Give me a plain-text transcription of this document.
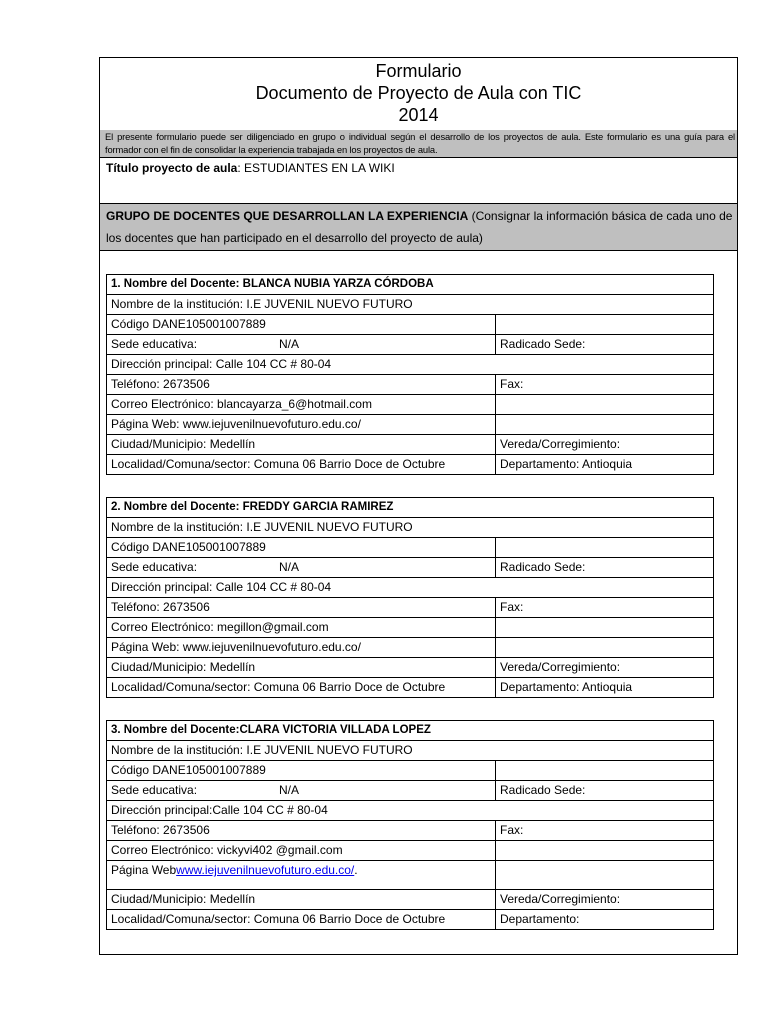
Formulario
Documento de Proyecto de Aula con TIC
2014
El presente formulario puede ser diligenciado en grupo o individual según el desarrollo de los proyectos de aula. Este formulario es una guía para el formador con el fin de consolidar la experiencia trabajada en los proyectos de aula.
Título proyecto de aula: ESTUDIANTES EN LA WIKI
GRUPO DE DOCENTES QUE DESARROLLAN LA EXPERIENCIA (Consignar la información básica de cada uno de los docentes que han participado en el desarrollo del proyecto de aula)
1. Nombre del Docente: BLANCA NUBIA YARZA CÓRDOBA	
Nombre de la institución: I.E JUVENIL NUEVO FUTURO	
Código DANE105001007889	
Sede educativa: N/A	Radicado Sede:
Dirección principal: Calle 104 CC # 80-04	
Teléfono: 2673506	Fax:
Correo Electrónico: blancayarza_6@hotmail.com	
Página Web: www.iejuvenilnuevofuturo.edu.co/	
Ciudad/Municipio: Medellín	Vereda/Corregimiento:
Localidad/Comuna/sector: Comuna 06 Barrio Doce de Octubre	Departamento: Antioquia
2. Nombre del Docente: FREDDY GARCIA RAMIREZ	
Nombre de la institución: I.E JUVENIL NUEVO FUTURO	
Código DANE105001007889	
Sede educativa: N/A	Radicado Sede:
Dirección principal: Calle 104 CC # 80-04	
Teléfono: 2673506	Fax:
Correo Electrónico: megillon@gmail.com	
Página Web: www.iejuvenilnuevofuturo.edu.co/	
Ciudad/Municipio: Medellín	Vereda/Corregimiento:
Localidad/Comuna/sector: Comuna 06 Barrio Doce de Octubre	Departamento: Antioquia
3. Nombre del Docente:CLARA VICTORIA VILLADA LOPEZ	
Nombre de la institución: I.E JUVENIL NUEVO FUTURO	
Código DANE105001007889	
Sede educativa: N/A	Radicado Sede:
Dirección principal:Calle 104 CC # 80-04	
Teléfono: 2673506	Fax:
Correo Electrónico: vickyvi402 @gmail.com	
Página Webwww.iejuvenilnuevofuturo.edu.co/.	
Ciudad/Municipio: Medellín	Vereda/Corregimiento:
Localidad/Comuna/sector: Comuna 06 Barrio Doce de Octubre	Departamento:
